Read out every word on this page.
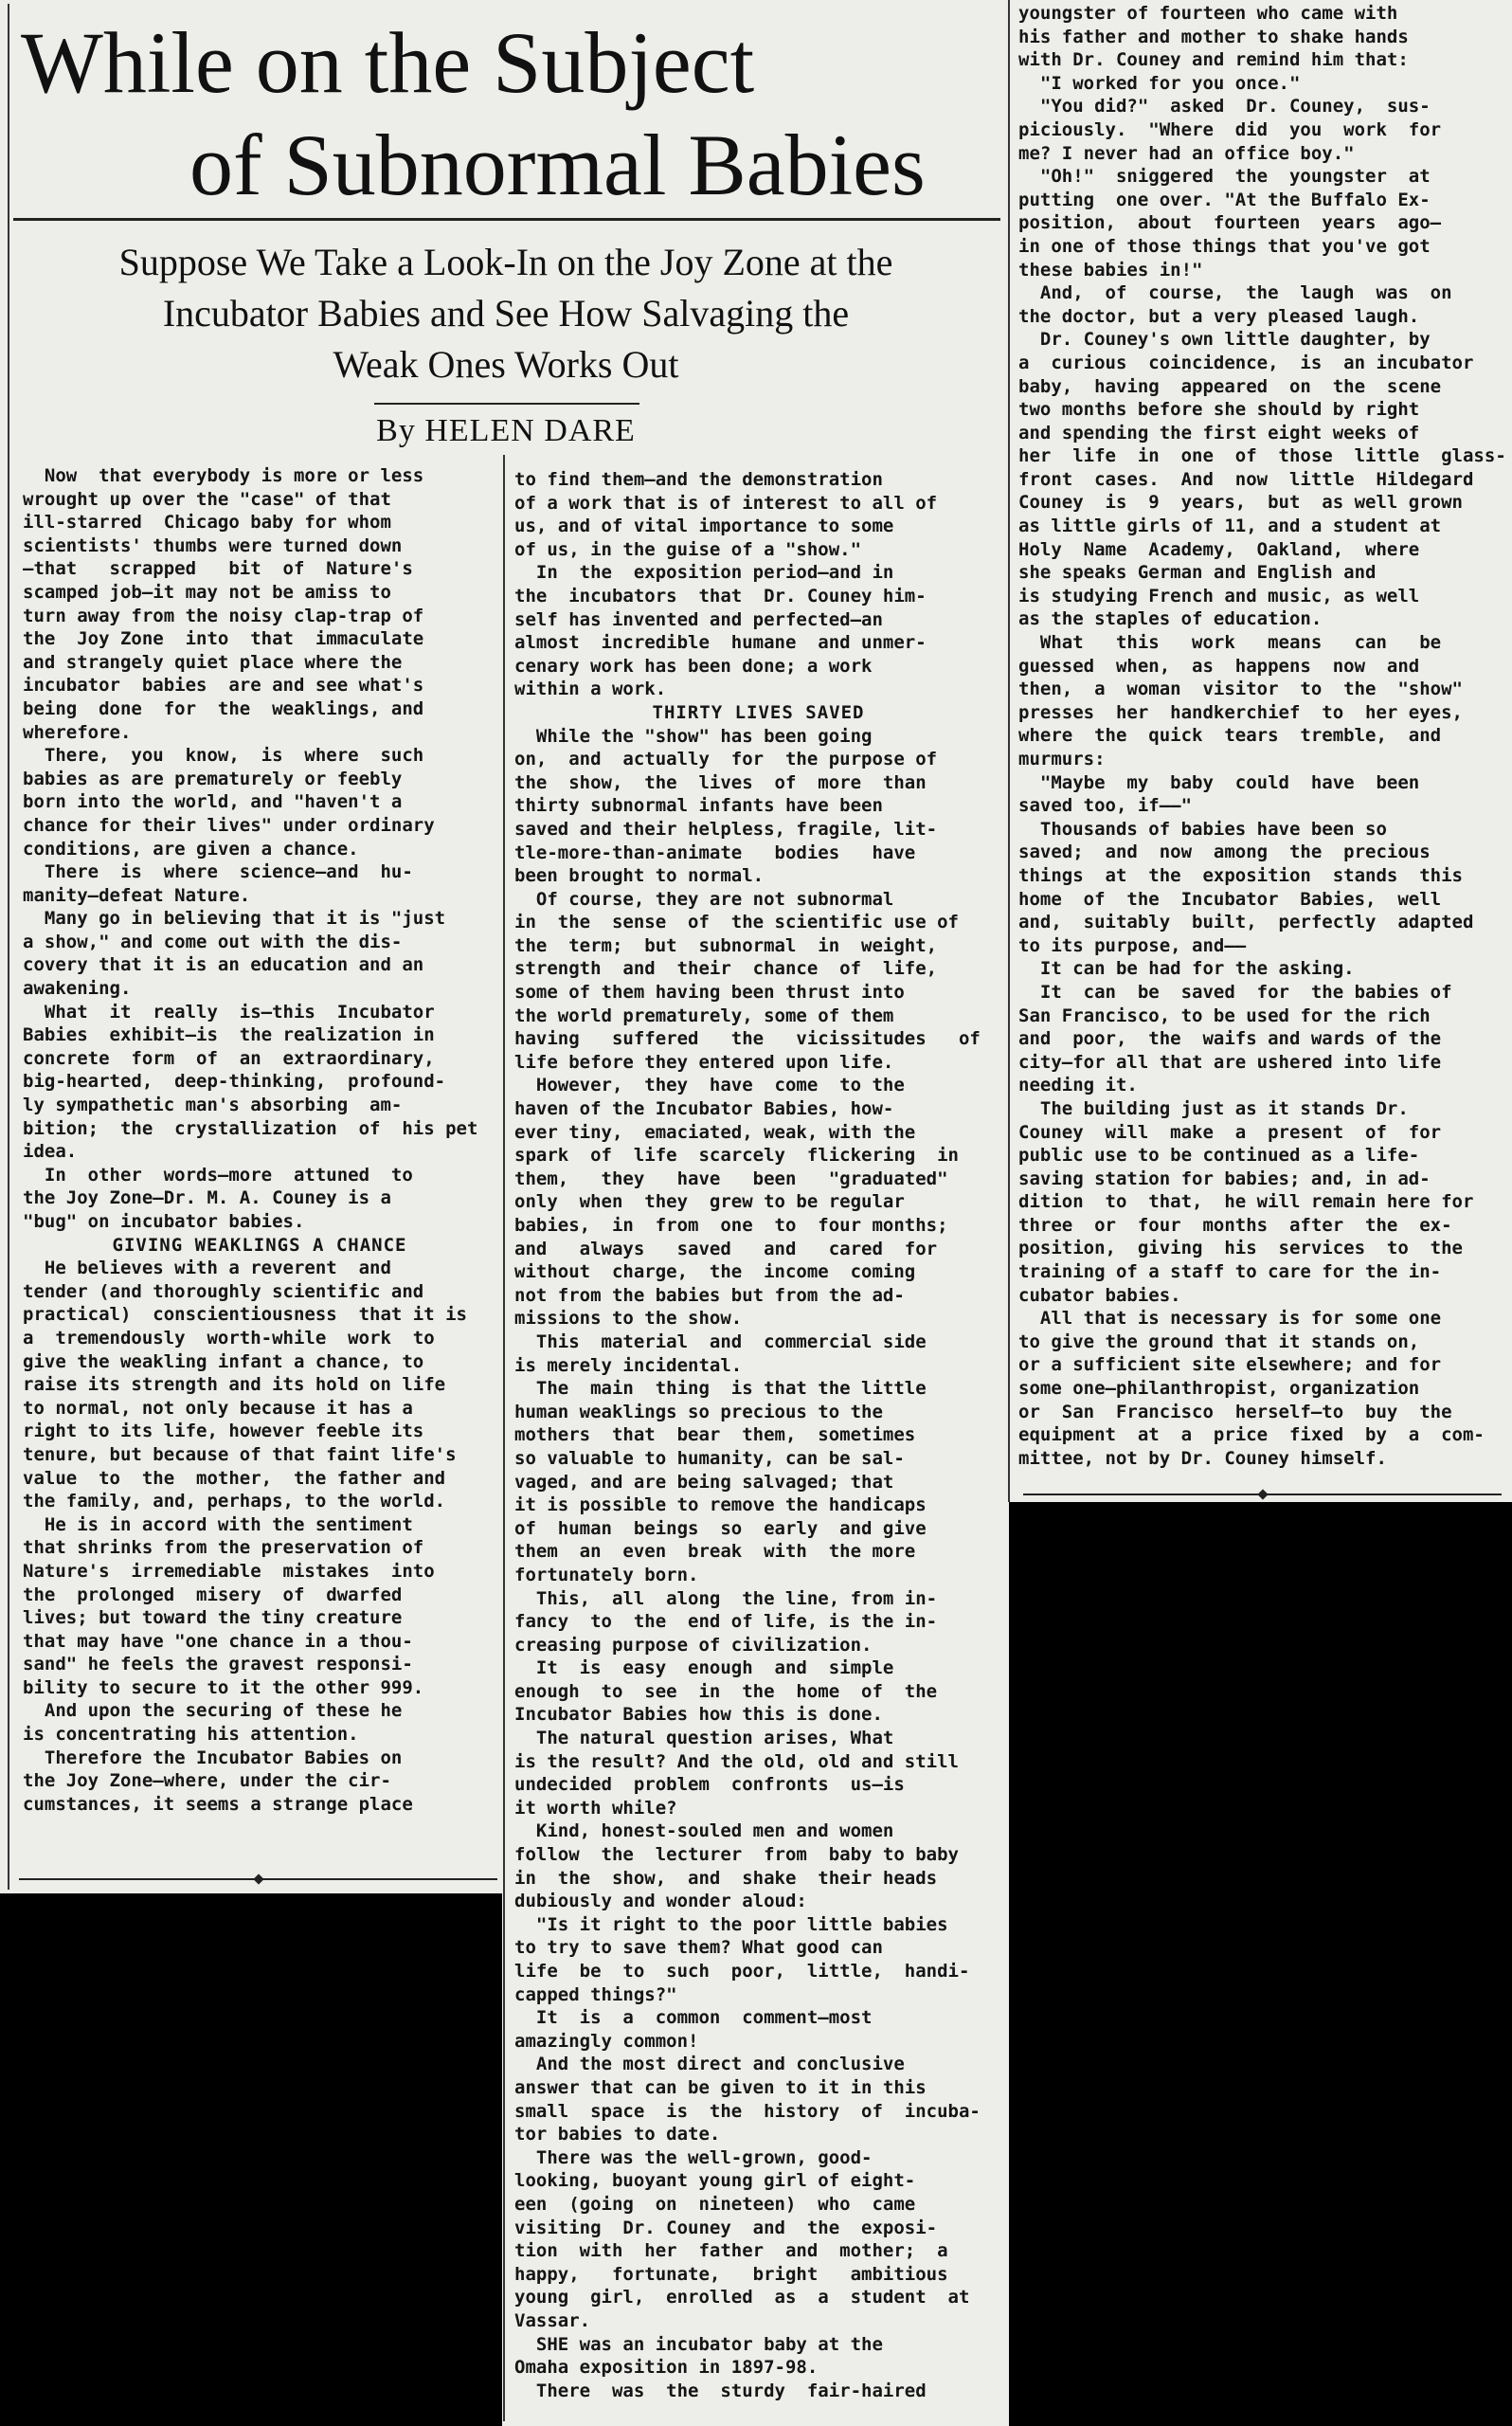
While on the Subject
of Subnormal Babies
Suppose We Take a Look-In on the Joy Zone at the
Incubator Babies and See How Salvaging the
Weak Ones Works Out
By HELEN DARE
Now  that everybody is more or less
wrought up over the "case" of that
ill-starred  Chicago baby for whom
scientists' thumbs were turned down
—that   scrapped   bit  of  Nature's
scamped job—it may not be amiss to
turn away from the noisy clap-trap of
the  Joy Zone  into  that  immaculate
and strangely quiet place where the
incubator  babies  are and see what's
being  done  for  the  weaklings, and
wherefore.
There,  you  know,  is  where  such
babies as are prematurely or feebly
born into the world, and "haven't a
chance for their lives" under ordinary
conditions, are given a chance.
There  is  where  science—and  hu-
manity—defeat Nature.
Many go in believing that it is "just
a show," and come out with the dis-
covery that it is an education and an
awakening.
What  it  really  is—this  Incubator
Babies  exhibit—is  the realization in
concrete  form  of  an  extraordinary,
big-hearted,  deep-thinking,  profound-
ly sympathetic man's absorbing  am-
bition;  the  crystallization  of  his pet
idea.
In  other  words—more  attuned  to
the Joy Zone—Dr. M. A. Couney is a
"bug" on incubator babies.
GIVING WEAKLINGS A CHANCE
He believes with a reverent  and
tender (and thoroughly scientific and
practical)  conscientiousness  that it is
a  tremendously  worth-while  work  to
give the weakling infant a chance, to
raise its strength and its hold on life
to normal, not only because it has a
right to its life, however feeble its
tenure, but because of that faint life's
value  to  the  mother,  the father and
the family, and, perhaps, to the world.
He is in accord with the sentiment
that shrinks from the preservation of
Nature's  irremediable  mistakes  into
the  prolonged  misery  of  dwarfed
lives; but toward the tiny creature
that may have "one chance in a thou-
sand" he feels the gravest responsi-
bility to secure to it the other 999.
And upon the securing of these he
is concentrating his attention.
Therefore the Incubator Babies on
the Joy Zone—where, under the cir-
cumstances, it seems a strange place
to find them—and the demonstration
of a work that is of interest to all of
us, and of vital importance to some
of us, in the guise of a "show."
In  the  exposition period—and in
the  incubators  that  Dr. Couney him-
self has invented and perfected—an
almost  incredible  humane  and unmer-
cenary work has been done; a work
within a work.
THIRTY LIVES SAVED
While the "show" has been going
on,  and  actually  for  the purpose of
the  show,  the  lives  of  more  than
thirty subnormal infants have been
saved and their helpless, fragile, lit-
tle-more-than-animate   bodies   have
been brought to normal.
Of course, they are not subnormal
in  the  sense  of  the scientific use of
the  term;  but  subnormal  in  weight,
strength  and  their  chance  of  life,
some of them having been thrust into
the world prematurely, some of them
having   suffered   the   vicissitudes   of
life before they entered upon life.
However,  they  have  come  to the
haven of the Incubator Babies, how-
ever tiny,  emaciated, weak, with the
spark  of  life  scarcely  flickering  in
them,   they   have   been   "graduated"
only  when  they  grew to be regular
babies,  in  from  one  to  four months;
and   always   saved   and   cared  for
without  charge,  the  income  coming
not from the babies but from the ad-
missions to the show.
This  material  and  commercial side
is merely incidental.
The  main  thing  is that the little
human weaklings so precious to the
mothers  that  bear  them,  sometimes
so valuable to humanity, can be sal-
vaged, and are being salvaged; that
it is possible to remove the handicaps
of  human  beings  so  early  and give
them  an  even  break  with  the more
fortunately born.
This,  all  along  the line, from in-
fancy  to  the  end of life, is the in-
creasing purpose of civilization.
It  is  easy  enough  and  simple
enough  to  see  in  the  home  of  the
Incubator Babies how this is done.
The natural question arises, What
is the result? And the old, old and still
undecided  problem  confronts  us—is
it worth while?
Kind, honest-souled men and women
follow  the  lecturer  from  baby to baby
in  the  show,  and  shake  their heads
dubiously and wonder aloud:
"Is it right to the poor little babies
to try to save them? What good can
life  be  to  such  poor,  little,  handi-
capped things?"
It  is  a  common  comment—most
amazingly common!
And the most direct and conclusive
answer that can be given to it in this
small  space  is  the  history  of  incuba-
tor babies to date.
There was the well-grown, good-
looking, buoyant young girl of eight-
een  (going  on  nineteen)  who  came
visiting  Dr. Couney  and  the  exposi-
tion  with  her  father  and  mother;  a
happy,   fortunate,   bright   ambitious
young  girl,  enrolled  as  a  student  at
Vassar.
SHE was an incubator baby at the
Omaha exposition in 1897-98.
There  was  the  sturdy  fair-haired
youngster of fourteen who came with
his father and mother to shake hands
with Dr. Couney and remind him that:
"I worked for you once."
"You did?"  asked  Dr. Couney,  sus-
piciously.  "Where  did  you  work  for
me? I never had an office boy."
"Oh!"  sniggered  the  youngster  at
putting  one over. "At the Buffalo Ex-
position,  about  fourteen  years  ago—
in one of those things that you've got
these babies in!"
And,  of  course,  the  laugh  was  on
the doctor, but a very pleased laugh.
Dr. Couney's own little daughter, by
a  curious  coincidence,  is  an incubator
baby,  having  appeared  on  the  scene
two months before she should by right
and spending the first eight weeks of
her  life  in  one  of  those  little  glass-
front  cases.  And  now  little  Hildegard
Couney  is  9  years,  but  as well grown
as little girls of 11, and a student at
Holy  Name  Academy,  Oakland,  where
she speaks German and English and
is studying French and music, as well
as the staples of education.
What   this   work   means   can   be
guessed  when,  as  happens  now  and
then,  a  woman  visitor  to  the  "show"
presses  her  handkerchief  to  her eyes,
where  the  quick  tears  tremble,  and
murmurs:
"Maybe  my  baby  could  have  been
saved too, if——"
Thousands of babies have been so
saved;  and  now  among  the  precious
things  at  the  exposition  stands  this
home  of  the  Incubator  Babies,  well
and,  suitably  built,  perfectly  adapted
to its purpose, and——
It can be had for the asking.
It  can  be  saved  for  the babies of
San Francisco, to be used for the rich
and  poor,  the  waifs and wards of the
city—for all that are ushered into life
needing it.
The building just as it stands Dr.
Couney  will  make  a  present  of  for
public use to be continued as a life-
saving station for babies; and, in ad-
dition  to  that,  he will remain here for
three  or  four  months  after  the  ex-
position,  giving  his  services  to  the
training of a staff to care for the in-
cubator babies.
All that is necessary is for some one
to give the ground that it stands on,
or a sufficient site elsewhere; and for
some one—philanthropist, organization
or  San  Francisco  herself—to  buy  the
equipment  at  a  price  fixed  by  a  com-
mittee, not by Dr. Couney himself.
